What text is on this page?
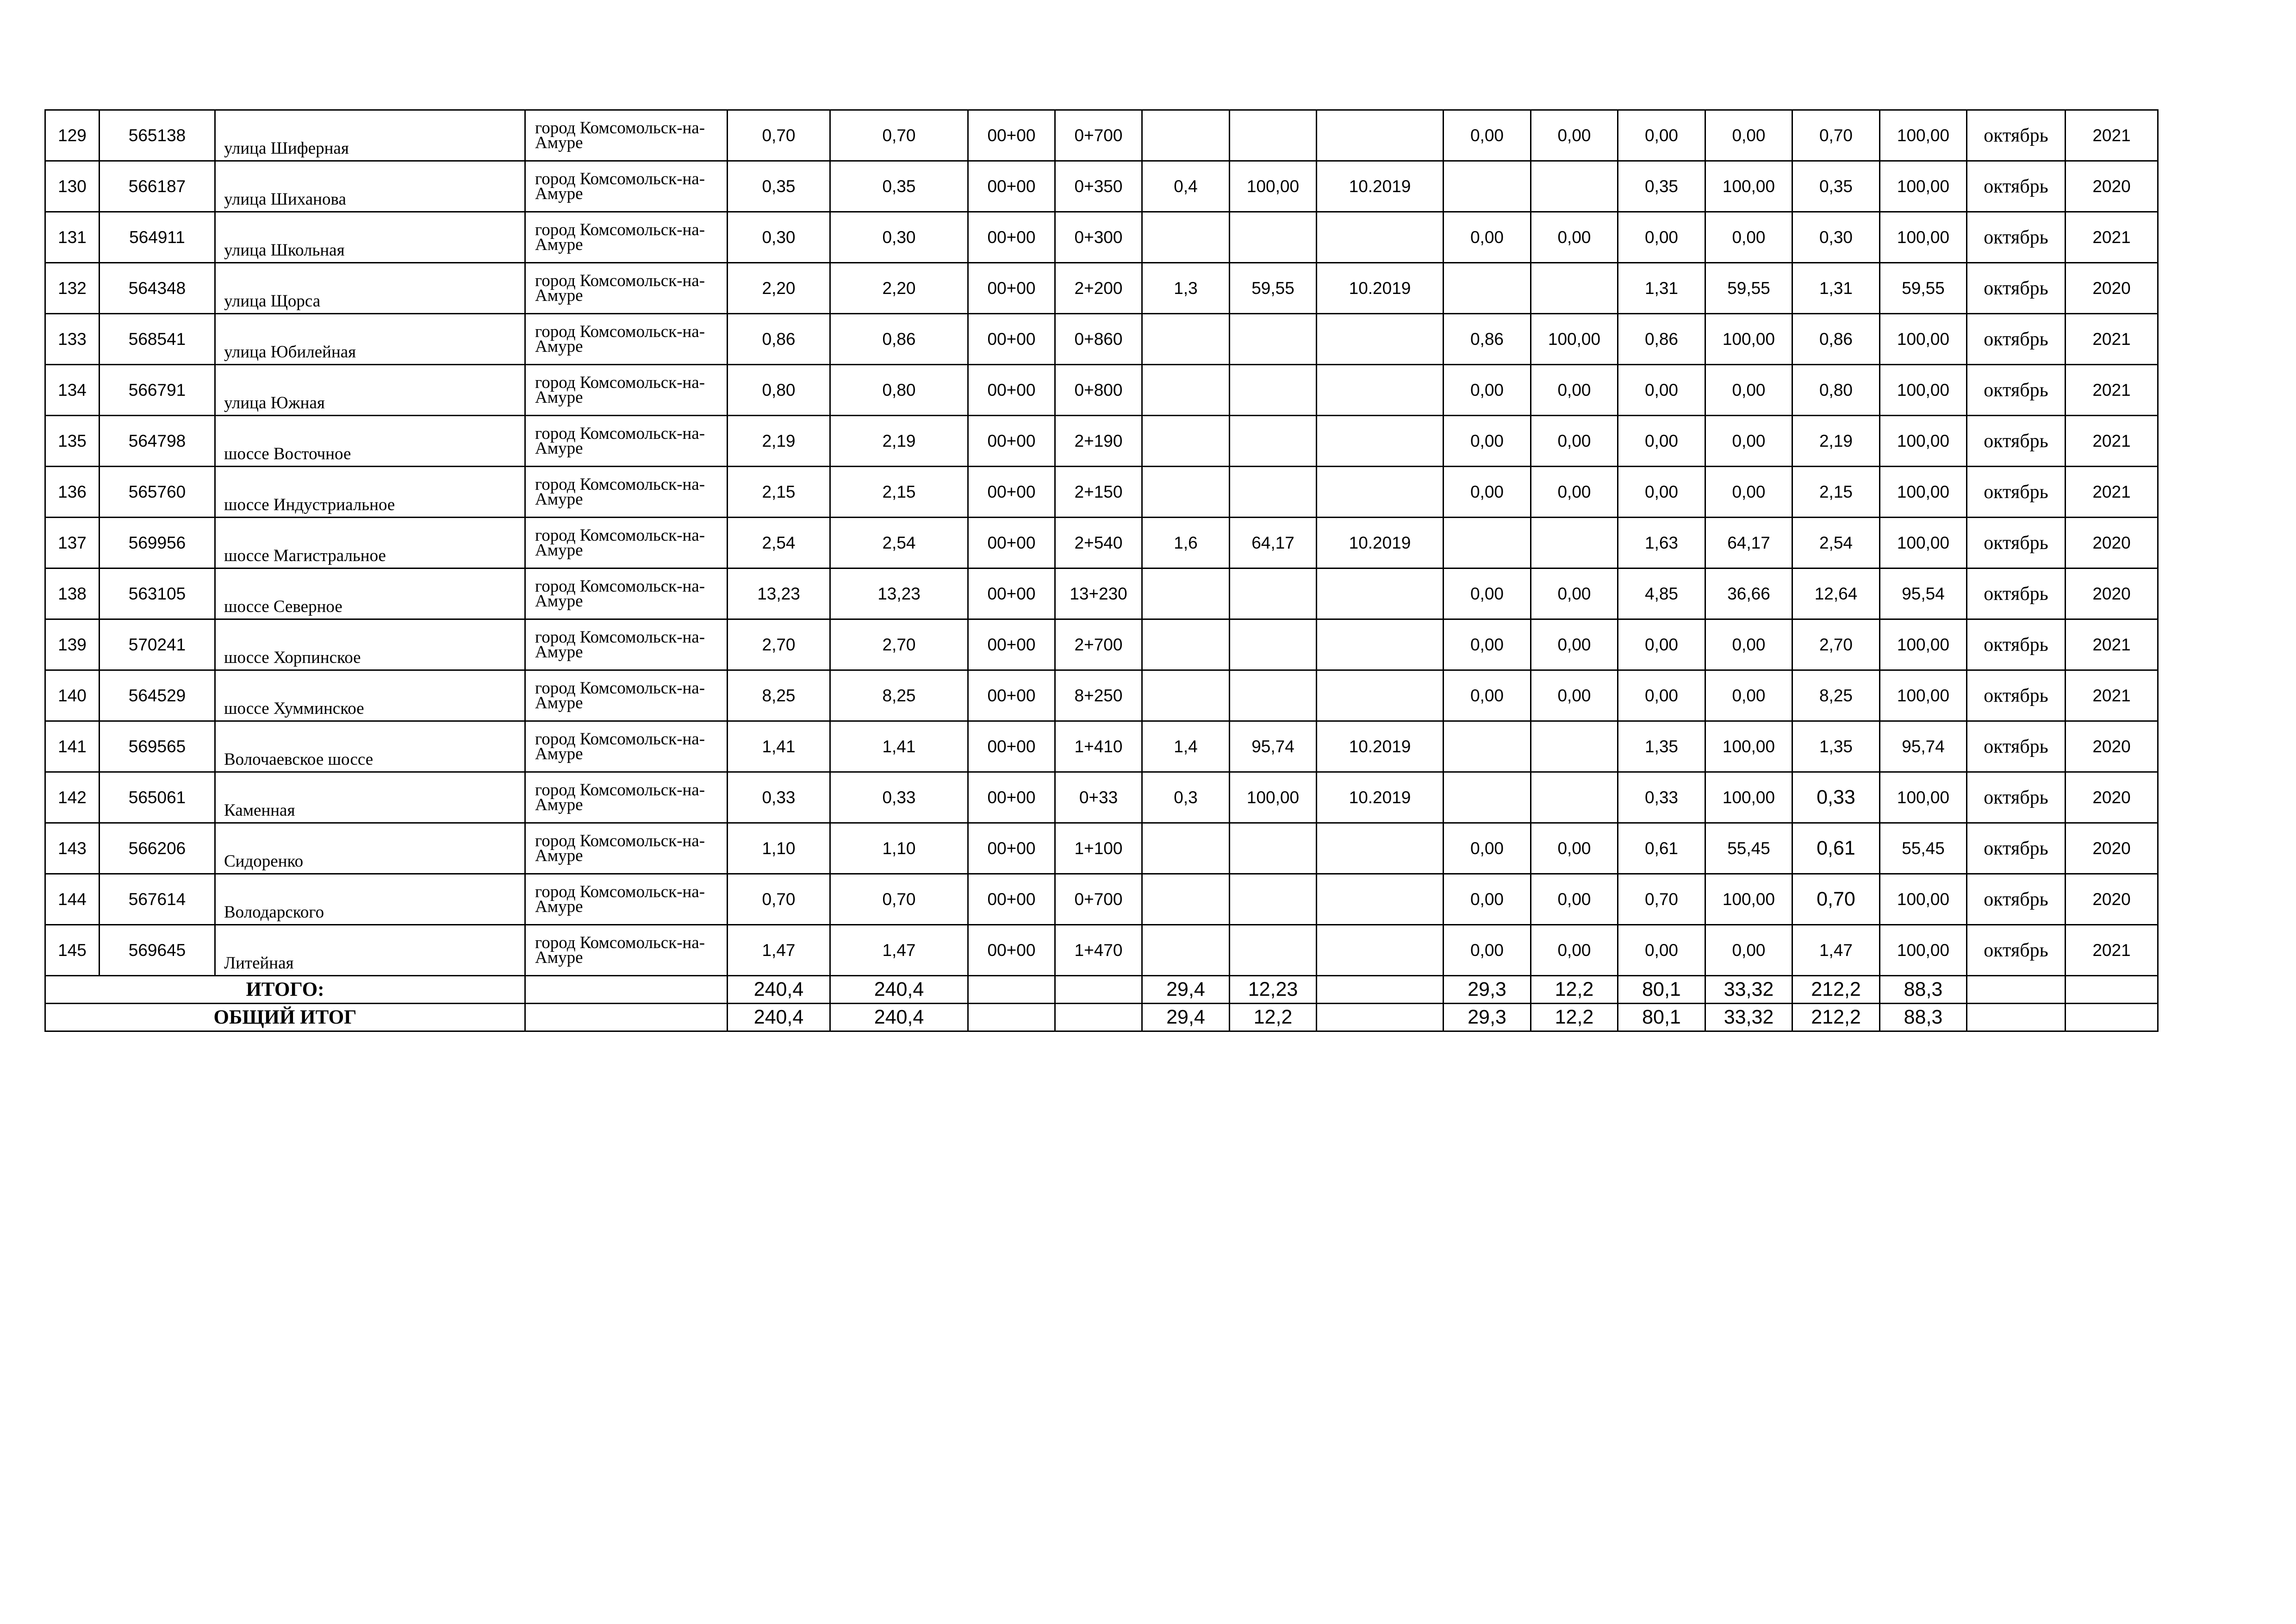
129	565138	улица Шиферная	город Комсомольск-на-Амуре	0,70	0,70	00+00	0+700				0,00	0,00	0,00	0,00	0,70	100,00	октябрь	2021
130	566187	улица Шиханова	город Комсомольск-на-Амуре	0,35	0,35	00+00	0+350	0,4	100,00	10.2019			0,35	100,00	0,35	100,00	октябрь	2020
131	564911	улица Школьная	город Комсомольск-на-Амуре	0,30	0,30	00+00	0+300				0,00	0,00	0,00	0,00	0,30	100,00	октябрь	2021
132	564348	улица Щорса	город Комсомольск-на-Амуре	2,20	2,20	00+00	2+200	1,3	59,55	10.2019			1,31	59,55	1,31	59,55	октябрь	2020
133	568541	улица Юбилейная	город Комсомольск-на-Амуре	0,86	0,86	00+00	0+860				0,86	100,00	0,86	100,00	0,86	100,00	октябрь	2021
134	566791	улица Южная	город Комсомольск-на-Амуре	0,80	0,80	00+00	0+800				0,00	0,00	0,00	0,00	0,80	100,00	октябрь	2021
135	564798	шоссе Восточное	город Комсомольск-на-Амуре	2,19	2,19	00+00	2+190				0,00	0,00	0,00	0,00	2,19	100,00	октябрь	2021
136	565760	шоссе Индустриальное	город Комсомольск-на-Амуре	2,15	2,15	00+00	2+150				0,00	0,00	0,00	0,00	2,15	100,00	октябрь	2021
137	569956	шоссе Магистральное	город Комсомольск-на-Амуре	2,54	2,54	00+00	2+540	1,6	64,17	10.2019			1,63	64,17	2,54	100,00	октябрь	2020
138	563105	шоссе Северное	город Комсомольск-на-Амуре	13,23	13,23	00+00	13+230				0,00	0,00	4,85	36,66	12,64	95,54	октябрь	2020
139	570241	шоссе Хорпинское	город Комсомольск-на-Амуре	2,70	2,70	00+00	2+700				0,00	0,00	0,00	0,00	2,70	100,00	октябрь	2021
140	564529	шоссе Хумминское	город Комсомольск-на-Амуре	8,25	8,25	00+00	8+250				0,00	0,00	0,00	0,00	8,25	100,00	октябрь	2021
141	569565	Волочаевское шоссе	город Комсомольск-на-Амуре	1,41	1,41	00+00	1+410	1,4	95,74	10.2019			1,35	100,00	1,35	95,74	октябрь	2020
142	565061	Каменная	город Комсомольск-на-Амуре	0,33	0,33	00+00	0+33	0,3	100,00	10.2019			0,33	100,00	0,33	100,00	октябрь	2020
143	566206	Сидоренко	город Комсомольск-на-Амуре	1,10	1,10	00+00	1+100				0,00	0,00	0,61	55,45	0,61	55,45	октябрь	2020
144	567614	Володарского	город Комсомольск-на-Амуре	0,70	0,70	00+00	0+700				0,00	0,00	0,70	100,00	0,70	100,00	октябрь	2020
145	569645	Литейная	город Комсомольск-на-Амуре	1,47	1,47	00+00	1+470				0,00	0,00	0,00	0,00	1,47	100,00	октябрь	2021
ИТОГО:				240,4	240,4			29,4	12,23		29,3	12,2	80,1	33,32	212,2	88,3		
ОБЩИЙ ИТОГ				240,4	240,4			29,4	12,2		29,3	12,2	80,1	33,32	212,2	88,3		
